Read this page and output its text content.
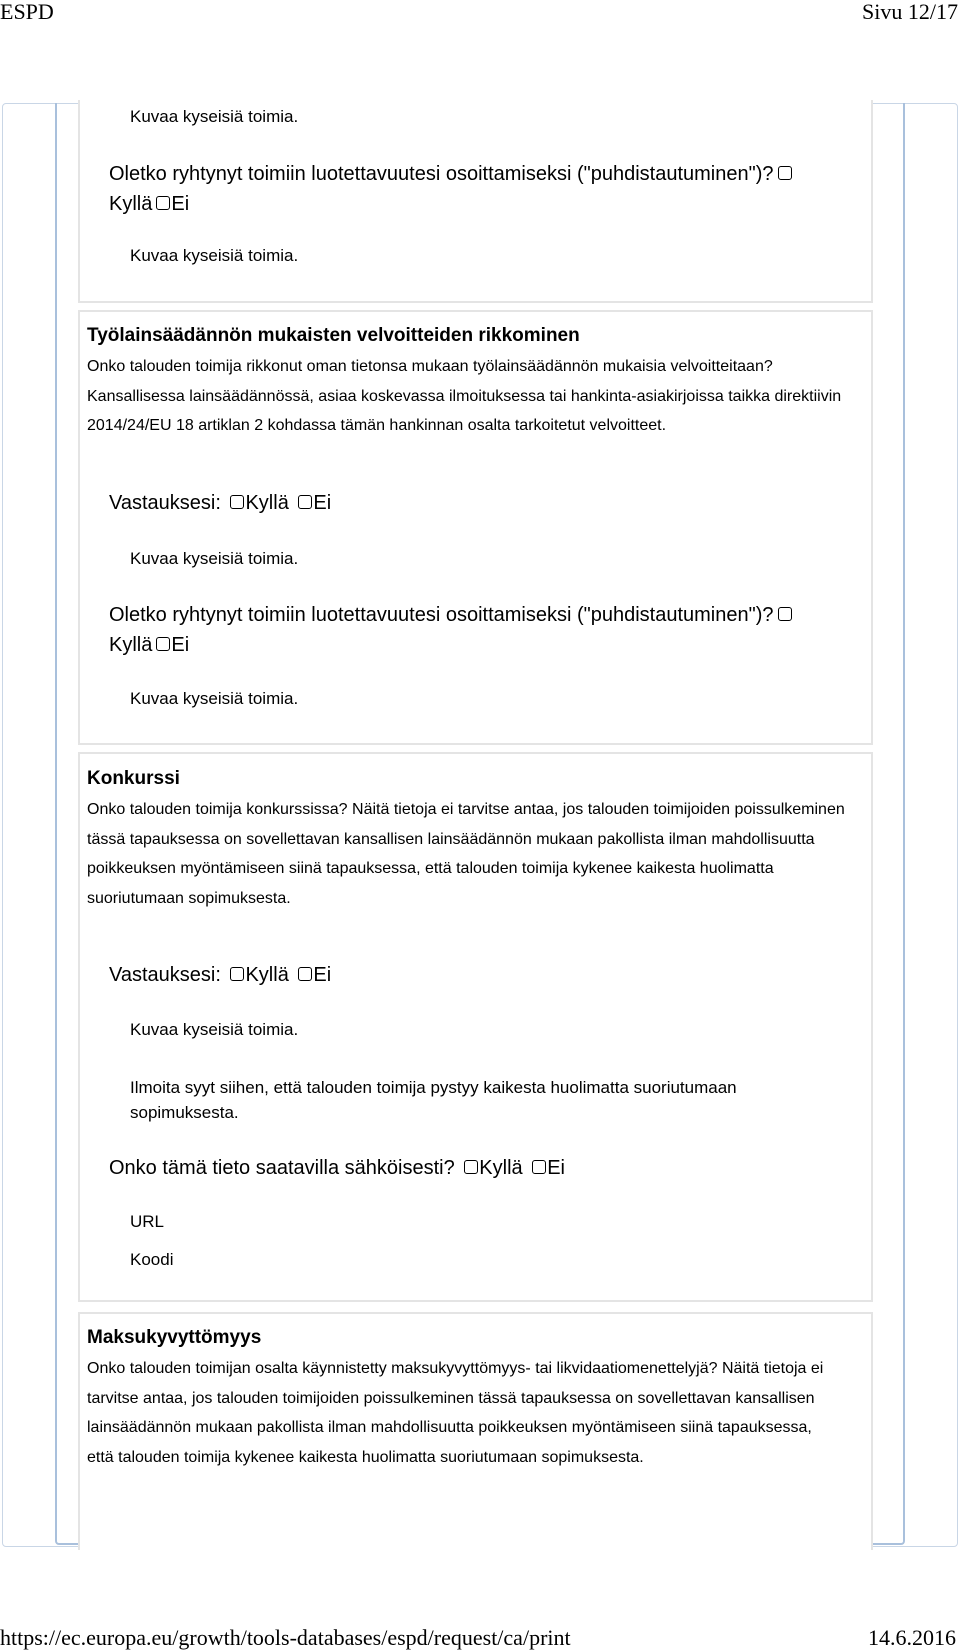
ESPD	Sivu 12/17
https://ec.europa.eu/growth/tools-databases/espd/request/ca/print	14.6.2016
Kuvaa kyseisiä toimia.
Oletko ryhtynyt toimiin luotettavuutesi osoittamiseksi ("puhdistautuminen")?
Kyllä Ei
Kuvaa kyseisiä toimia.
Työlainsäädännön mukaisten velvoitteiden rikkominen
Onko talouden toimija rikkonut oman tietonsa mukaan työlainsäädännön mukaisia velvoitteitaan? Kansallisessa lainsäädännössä, asiaa koskevassa ilmoituksessa tai hankinta-asiakirjoissa taikka direktiivin 2014/24/EU 18 artiklan 2 kohdassa tämän hankinnan osalta tarkoitetut velvoitteet.
Vastauksesi: Kyllä Ei
Kuvaa kyseisiä toimia.
Oletko ryhtynyt toimiin luotettavuutesi osoittamiseksi ("puhdistautuminen")?
Kyllä Ei
Kuvaa kyseisiä toimia.
Konkurssi
Onko talouden toimija konkurssissa? Näitä tietoja ei tarvitse antaa, jos talouden toimijoiden poissulkeminen tässä tapauksessa on sovellettavan kansallisen lainsäädännön mukaan pakollista ilman mahdollisuutta poikkeuksen myöntämiseen siinä tapauksessa, että talouden toimija kykenee kaikesta huolimatta suoriutumaan sopimuksesta.
Vastauksesi: Kyllä Ei
Kuvaa kyseisiä toimia.
Ilmoita syyt siihen, että talouden toimija pystyy kaikesta huolimatta suoriutumaan sopimuksesta.
Onko tämä tieto saatavilla sähköisesti? Kyllä Ei
URL
Koodi
Maksukyvyttömyys
Onko talouden toimijan osalta käynnistetty maksukyvyttömyys- tai likvidaatiomenettelyjä? Näitä tietoja ei tarvitse antaa, jos talouden toimijoiden poissulkeminen tässä tapauksessa on sovellettavan kansallisen lainsäädännön mukaan pakollista ilman mahdollisuutta poikkeuksen myöntämiseen siinä tapauksessa, että talouden toimija kykenee kaikesta huolimatta suoriutumaan sopimuksesta.
